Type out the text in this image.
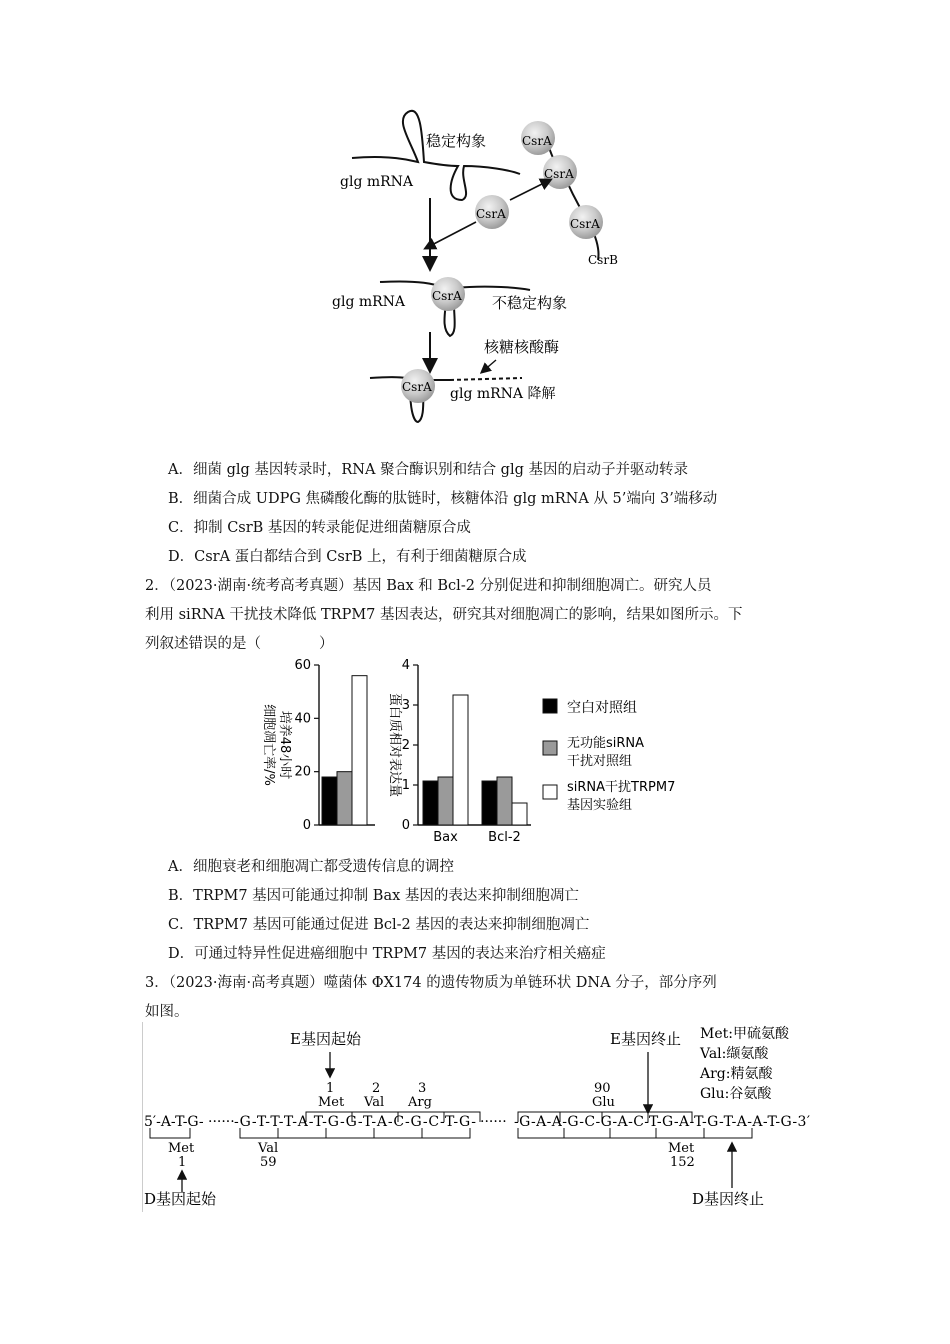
稳定构象
glg mRNA
CsrA
CsrA
CsrA
CsrB
CsrA
CsrA
glg mRNA	不稳定构象
核糖核酸酶
CsrA glg mRNA 降解
A．细菌 glg 基因转录时，RNA 聚合酶识别和结合 glg 基因的启动子并驱动转录
B．细菌合成 UDPG 焦磷酸化酶的肽链时，核糖体沿 glg mRNA 从 5’端向 3’端移动
C．抑制 CsrB 基因的转录能促进细菌糖原合成
D．CsrA 蛋白都结合到 CsrB 上，有利于细菌糖原合成
2．（2023·湖南·统考高考真题）基因 Bax 和 Bcl-2 分别促进和抑制细胞凋亡。研究人员
利用 siRNA 干扰技术降低 TRPM7 基因表达，研究其对细胞凋亡的影响，结果如图所示。下
列叙述错误的是（　　　　）
培养48小时
细胞凋亡率/%
0
20
40
60
蛋白质相对表达量
Bax Bcl-2
0
1
2
3
4
空白对照组
无功能siRNA
干扰对照组
siRNA干扰TRPM7
基因实验组
A．细胞衰老和细胞凋亡都受遗传信息的调控
B．TRPM7 基因可能通过抑制 Bax 基因的表达来抑制细胞凋亡
C．TRPM7 基因可能通过促进 Bcl-2 基因的表达来抑制细胞凋亡
D．可通过特异性促进癌细胞中 TRPM7 基因的表达来治疗相关癌症
3．（2023·海南·高考真题）噬菌体 ΦX174 的遗传物质为单链环状 DNA 分子，部分序列
如图。
E基因起始
1
Met
2
Val
3
Arg
E基因终止
90
Glu
Met:甲硫氨酸
Val:缬氨酸
Arg:精氨酸
Glu:谷氨酸
5′-A-T-G- ······ -G-T-T-T-A-T-G-G-T-A-C-G-C-T-G- ······ -G-A-A-G-C-G-A-C-T-G-A-T-G-T-A-A-T-G-3′
Met
1
Val
59
Met
152
D基因起始	D基因终止
